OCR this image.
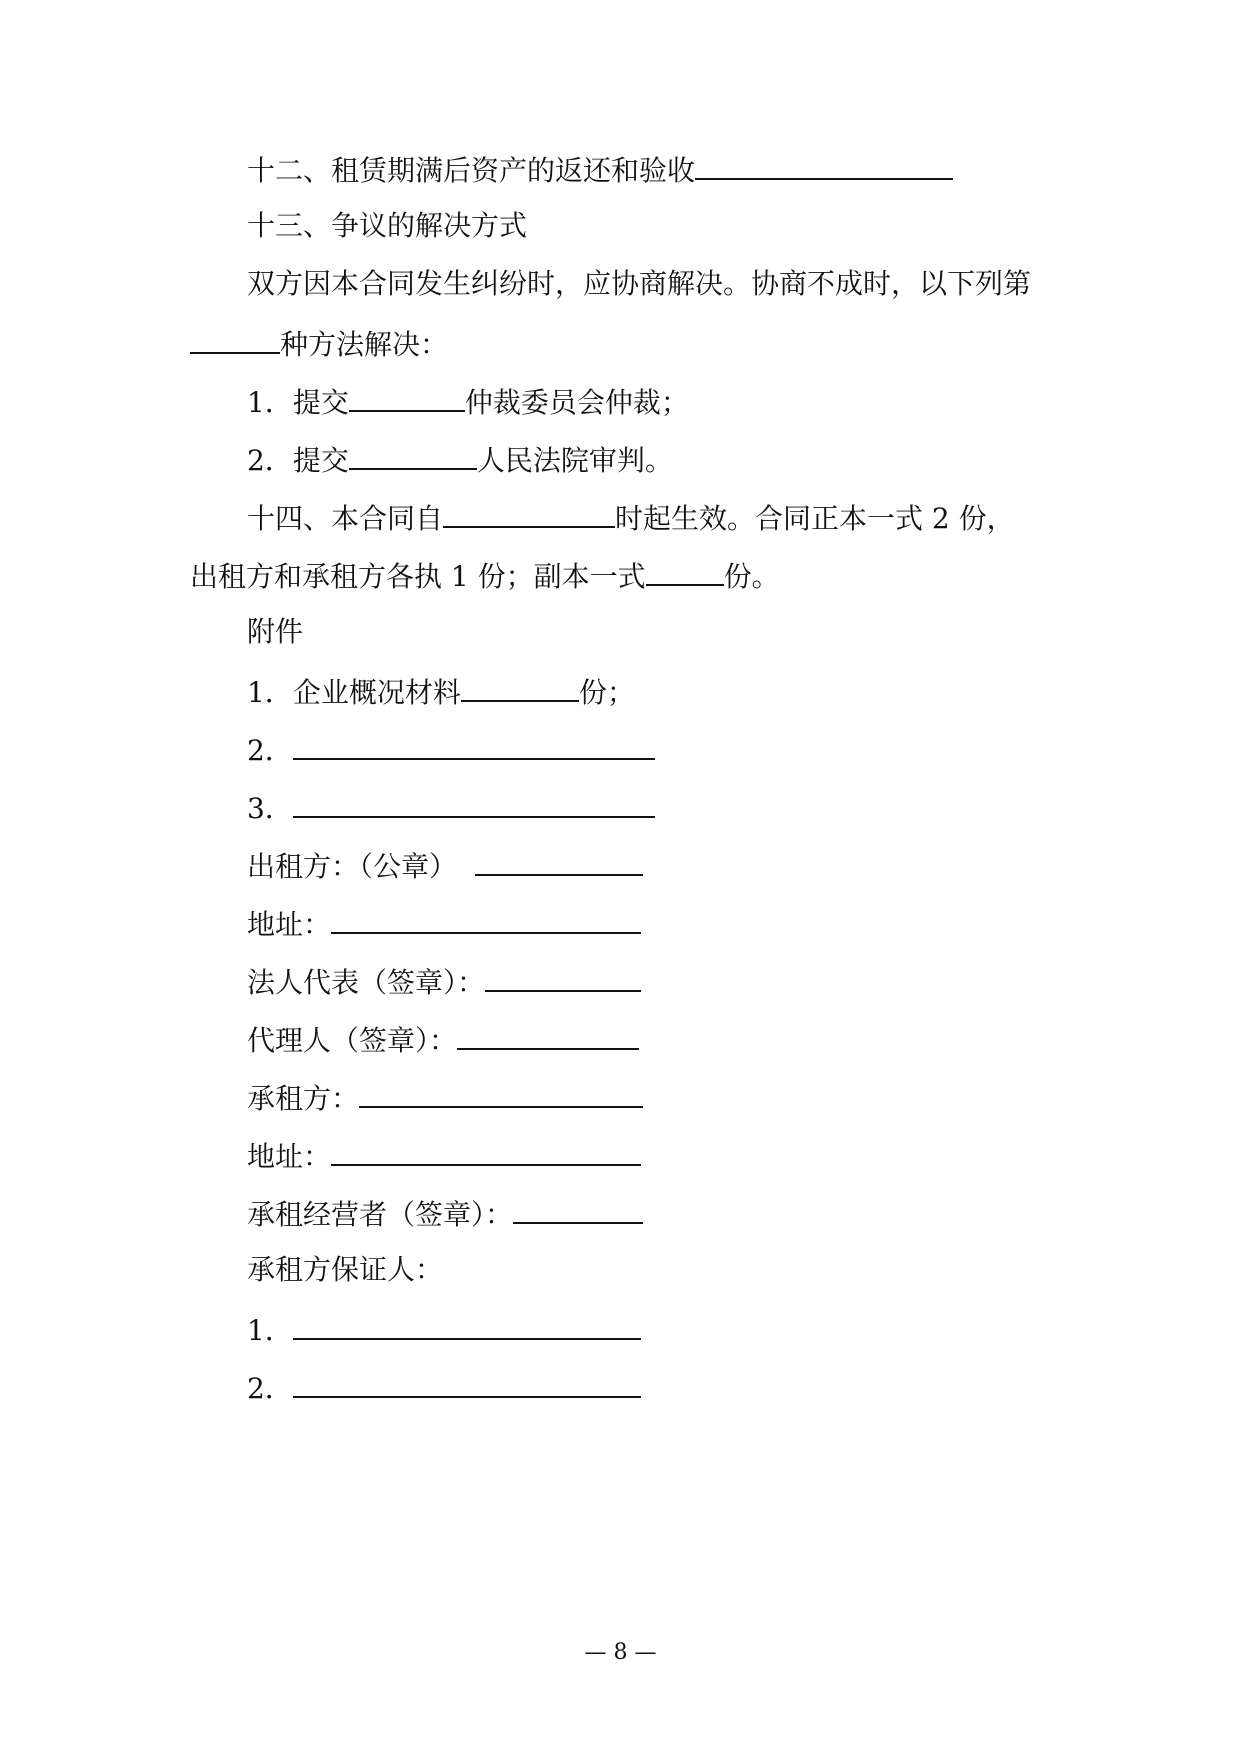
十二、租赁期满后资产的返还和验收
十三、争议的解决方式
双方因本合同发生纠纷时，应协商解决。协商不成时，以下列第
种方法解决：
1．提交	仲裁委员会仲裁；
2．提交	人民法院审判。
十四、本合同自	时起生效。合同正本一式 2 份，
出租方和承租方各执 1 份；副本一式	份。
附件
1．企业概况材料	份；
2．
3．
出租方：（公章）
地址：
法人代表（签章）：
代理人（签章）：
承租方：
地址：
承租经营者（签章）：
承租方保证人：
1．
2．
— 8 —
